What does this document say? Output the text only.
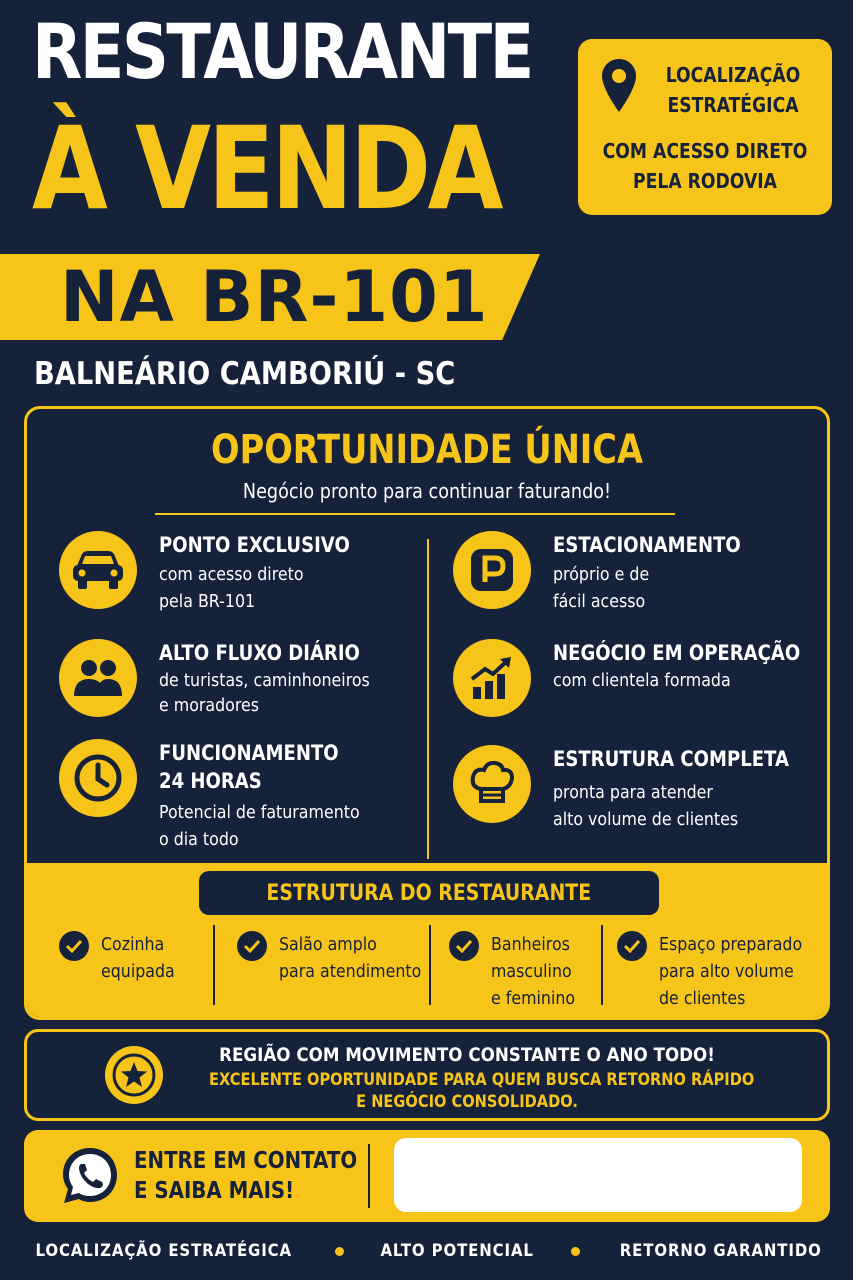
RESTAURANTE
À VENDA
NA BR-101
BALNEÁRIO CAMBORIÚ - SC
LOCALIZAÇÃO
ESTRATÉGICA
COM ACESSO DIRETO
PELA RODOVIA
OPORTUNIDADE ÚNICA
Negócio pronto para continuar faturando!
PONTO EXCLUSIVO
com acesso direto
pela BR-101
ALTO FLUXO DIÁRIO
de turistas, caminhoneiros
e moradores
FUNCIONAMENTO
24 HORAS
Potencial de faturamento
o dia todo
ESTACIONAMENTO
próprio e de
fácil acesso
NEGÓCIO EM OPERAÇÃO
com clientela formada
ESTRUTURA COMPLETA
pronta para atender
alto volume de clientes
ESTRUTURA DO RESTAURANTE
Cozinha
equipada
Salão amplo
para atendimento
Banheiros
masculino
e feminino
Espaço preparado
para alto volume
de clientes
REGIÃO COM MOVIMENTO CONSTANTE O ANO TODO!
EXCELENTE OPORTUNIDADE PARA QUEM BUSCA RETORNO RÁPIDO
E NEGÓCIO CONSOLIDADO.
ENTRE EM CONTATO
E SAIBA MAIS!
LOCALIZAÇÃO ESTRATÉGICA	ALTO POTENCIAL	RETORNO GARANTIDO
